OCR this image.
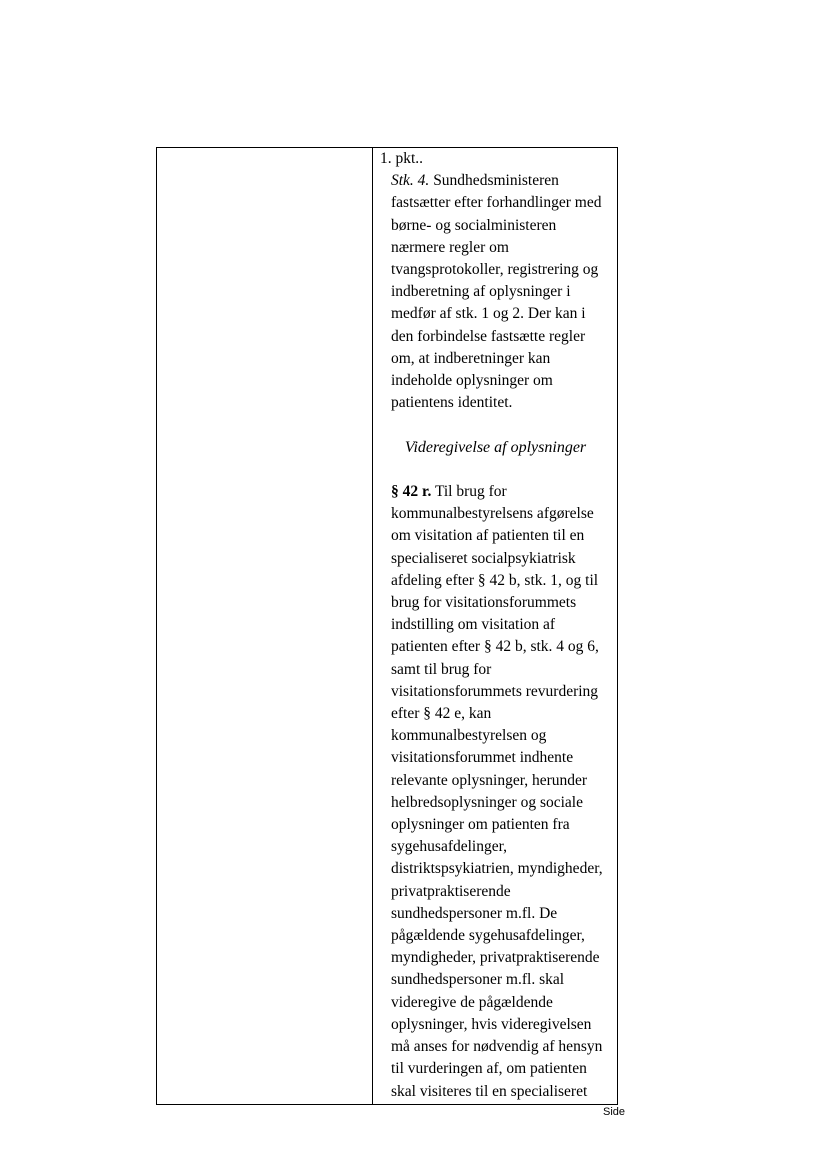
1. pkt..

Stk. 4. Sundhedsministeren
fastsætter efter forhandlinger med
børne- og socialministeren
nærmere regler om
tvangsprotokoller, registrering og
indberetning af oplysninger i
medfør af stk. 1 og 2. Der kan i
den forbindelse fastsætte regler
om, at indberetninger kan
indeholde oplysninger om
patientens identitet.

Videregivelse af oplysninger

§ 42 r. Til brug for
kommunalbestyrelsens afgørelse
om visitation af patienten til en
specialiseret socialpsykiatrisk
afdeling efter § 42 b, stk. 1, og til
brug for visitationsforummets
indstilling om visitation af
patienten efter § 42 b, stk. 4 og 6,
samt til brug for
visitationsforummets revurdering
efter § 42 e, kan
kommunalbestyrelsen og
visitationsforummet indhente
relevante oplysninger, herunder
helbredsoplysninger og sociale
oplysninger om patienten fra
sygehusafdelinger,
distriktspsykiatrien, myndigheder,
privatpraktiserende
sundhedspersoner m.fl. De
pågældende sygehusafdelinger,
myndigheder, privatpraktiserende
sundhedspersoner m.fl. skal
videregive de pågældende
oplysninger, hvis videregivelsen
må anses for nødvendig af hensyn
til vurderingen af, om patienten
skal visiteres til en specialiseret

Side
